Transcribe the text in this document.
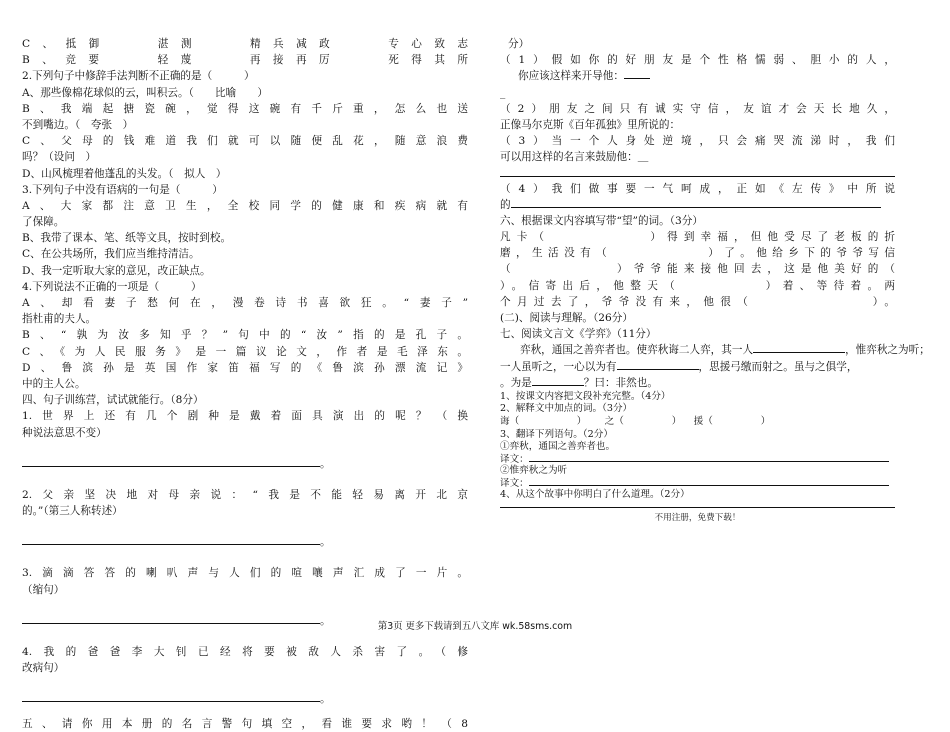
C、抵御　　湛测　　精兵减政　　专心致志
B、竞要　　轻蔑　　再接再厉　　死得其所
2.下列句子中修辞手法判断不正确的是（　　　）
A、那些像棉花球似的云，叫积云。（　　比喻　　）
B、我端起搪瓷碗，觉得这碗有千斤重，怎么也送
不到嘴边。（　夸张　）
C、父母的钱难道我们就可以随便乱花，随意浪费
吗？（设问　）
D、山风梳理着他蓬乱的头发。（　拟人　）
3.下列句子中没有语病的一句是（　　　）
A、大家都注意卫生，全校同学的健康和疾病就有
了保障。
B、我带了课本、笔、纸等文具，按时到校。
C、在公共场所，我们应当维持清洁。
D、我一定听取大家的意见，改正缺点。
4.下列说法不正确的一项是（　　　）
A、却看妻子愁何在，漫卷诗书喜欲狂。“妻子”
指杜甫的夫人。
B、“孰为汝多知乎？”句中的“汝”指的是孔子。
C、《为人民服务》是一篇议论文，作者是毛泽东。
D、鲁滨孙是英国作家笛福写的《鲁滨孙漂流记》
中的主人公。
四、句子训练营，试试就能行。（8分）
1.世界上还有几个剧种是戴着面具演出的呢？（换
种说法意思不变）
。
2.父亲坚决地对母亲说：“我是不能轻易离开北京
的。”（第三人称转述）
。
3.滴滴答答的喇叭声与人们的喧嚷声汇成了一片。
（缩句）
。
4.我的爸爸李大钊已经将要被敌人杀害了。（修
改病句）
。
五、请你用本册的名言警句填空，看谁要求哟！（8
分）
（1）假如你的好朋友是个性格懦弱、胆小的人，
你应该这样来开导他：
_
（2）朋友之间只有诚实守信，友谊才会天长地久，
正像马尔克斯《百年孤独》里所说的：
（3）当一个人身处逆境，只会痛哭流涕时，我们
可以用这样的名言来鼓励他：＿
（4）我们做事要一气呵成，正如《左传》中所说
的
六、根据课文内容填写带“望”的词。（3分）
凡卡（　　　　　　）得到幸福，但他受尽了老板的折
磨，生活没有（　　　　　　）了。他给乡下的爷爷写信
（　　　　　　）爷爷能来接他回去，这是他美好的（
）。信寄出后，他整天（　　　　　）着、等待着。两
个月过去了，爷爷没有来，他很（　　　　　　　）。
(二)、阅读与理解。（26分）
七、阅读文言文《学弈》（11分）
弈秋，通国之善弈者也。使弈秋诲二人弈，其一人	，惟弈秋之为听；
一人虽听之，一心以为有	，思援弓缴而射之。虽与之俱学，
。为是	？曰：非然也。
1、按课文内容把文段补充完整。（4分）
2、解释文中加点的词。（3分）
诲（　　　　　　） 之（　　　　　） 援（　　　　　）
3、翻译下列语句。（2分）
①弈秋，通国之善弈者也。
译文：
②惟弈秋之为听
译文：
4、从这个故事中你明白了什么道理。（2分）
不用注册，免费下载！
第3页 更多下载请到五八文库 wk.58sms.com
